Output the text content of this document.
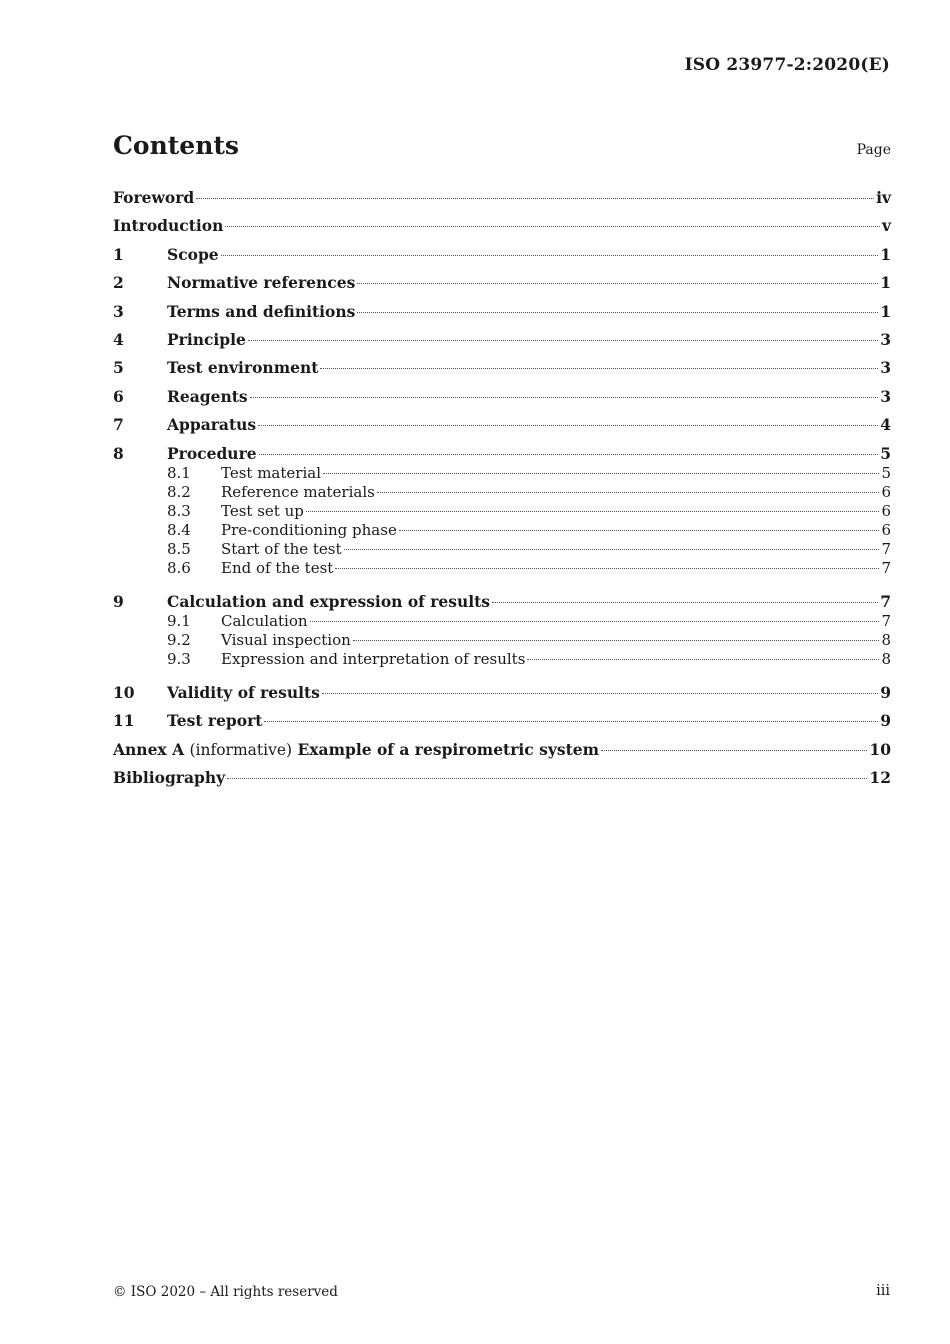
ISO 23977-2:2020(E)
Contents	Page
Foreword	iv
Introduction	v
1	Scope	1
2	Normative references	1
3	Terms and definitions	1
4	Principle	3
5	Test environment	3
6	Reagents	3
7	Apparatus	4
8	Procedure	5
8.1	Test material	5
8.2	Reference materials	6
8.3	Test set up	6
8.4	Pre-conditioning phase	6
8.5	Start of the test	7
8.6	End of the test	7
9	Calculation and expression of results	7
9.1	Calculation	7
9.2	Visual inspection	8
9.3	Expression and interpretation of results	8
10	Validity of results	9
11	Test report	9
Annex A (informative) Example of a respirometric system	10
Bibliography	12
© ISO 2020 – All rights reserved	iii
